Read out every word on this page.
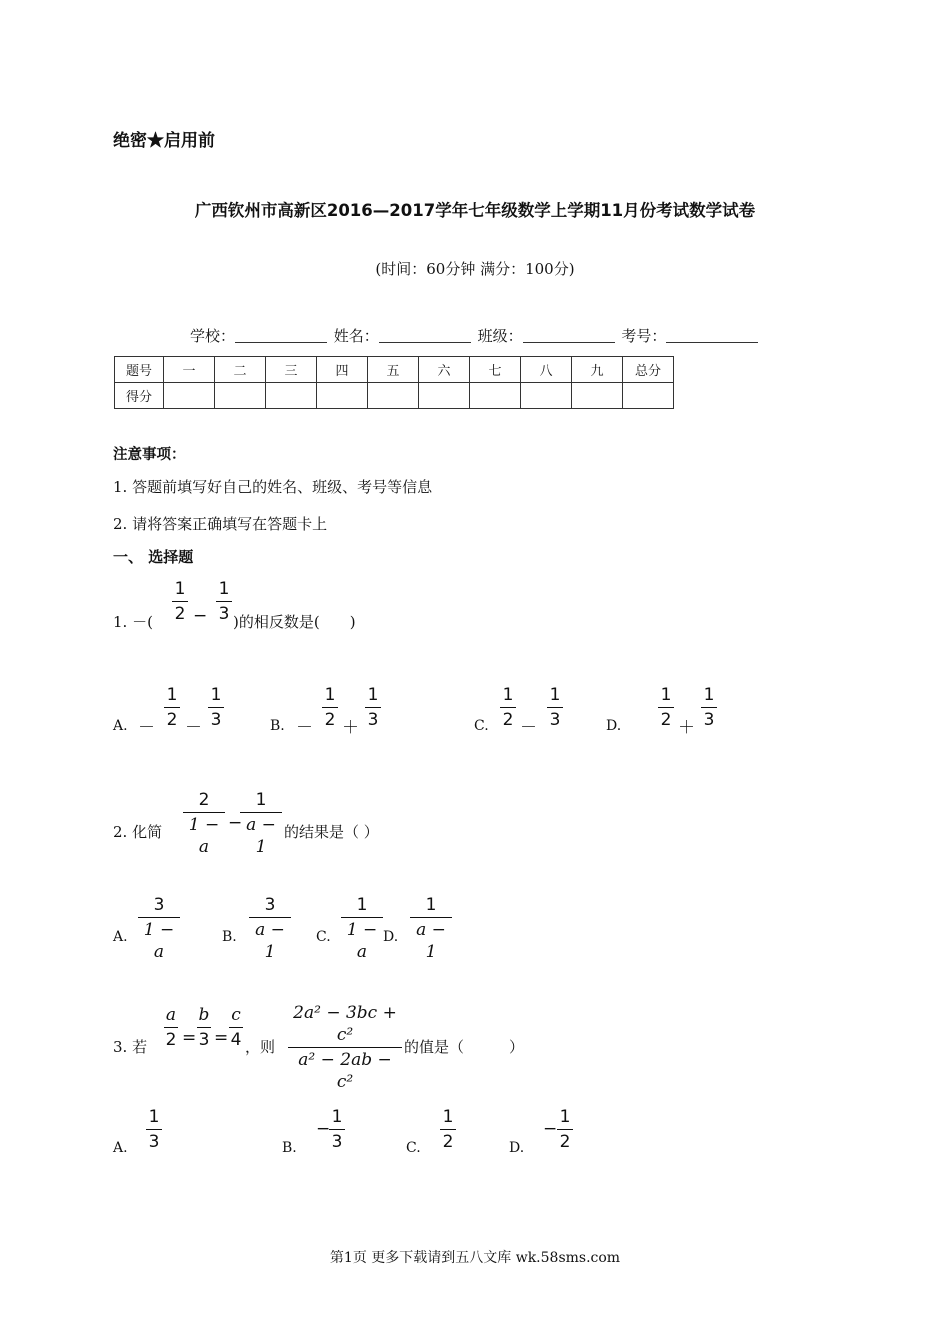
绝密★启用前
广西钦州市高新区2016—2017学年七年级数学上学期11月份考试数学试卷
(时间：60分钟 满分：100分)
学校：	姓名：	班级：	考号：
题号	一	二	三	四	五	六	七	八	九	总分
得分										
注意事项：
1. 答题前填写好自己的姓名、班级、考号等信息
2. 请将答案正确填写在答题卡上
一、 选择题
1. －(
1
2 −
1
3 )的相反数是(　　)
A. －
1
2 －
1
3	B. －
1
2 ＋
1
3	C.
1
2 －
1
3	D.
1
2 ＋
1
3
2. 化简
2
1 − a
−
1
a − 1
的结果是（ ）
A.
3
1 − a
B.
3
a − 1
C.
1
1 − a
D.
1
a − 1
3. 若
a
2 =
b
3 =
c
4 ，则
2a² − 3bc + c²
a² − 2ab − c²
的值是（　　　）
A.
1
3	B.
−
1
3	C.
1
2	D.
−
1
2
第1页 更多下载请到五八文库 wk.58sms.com
